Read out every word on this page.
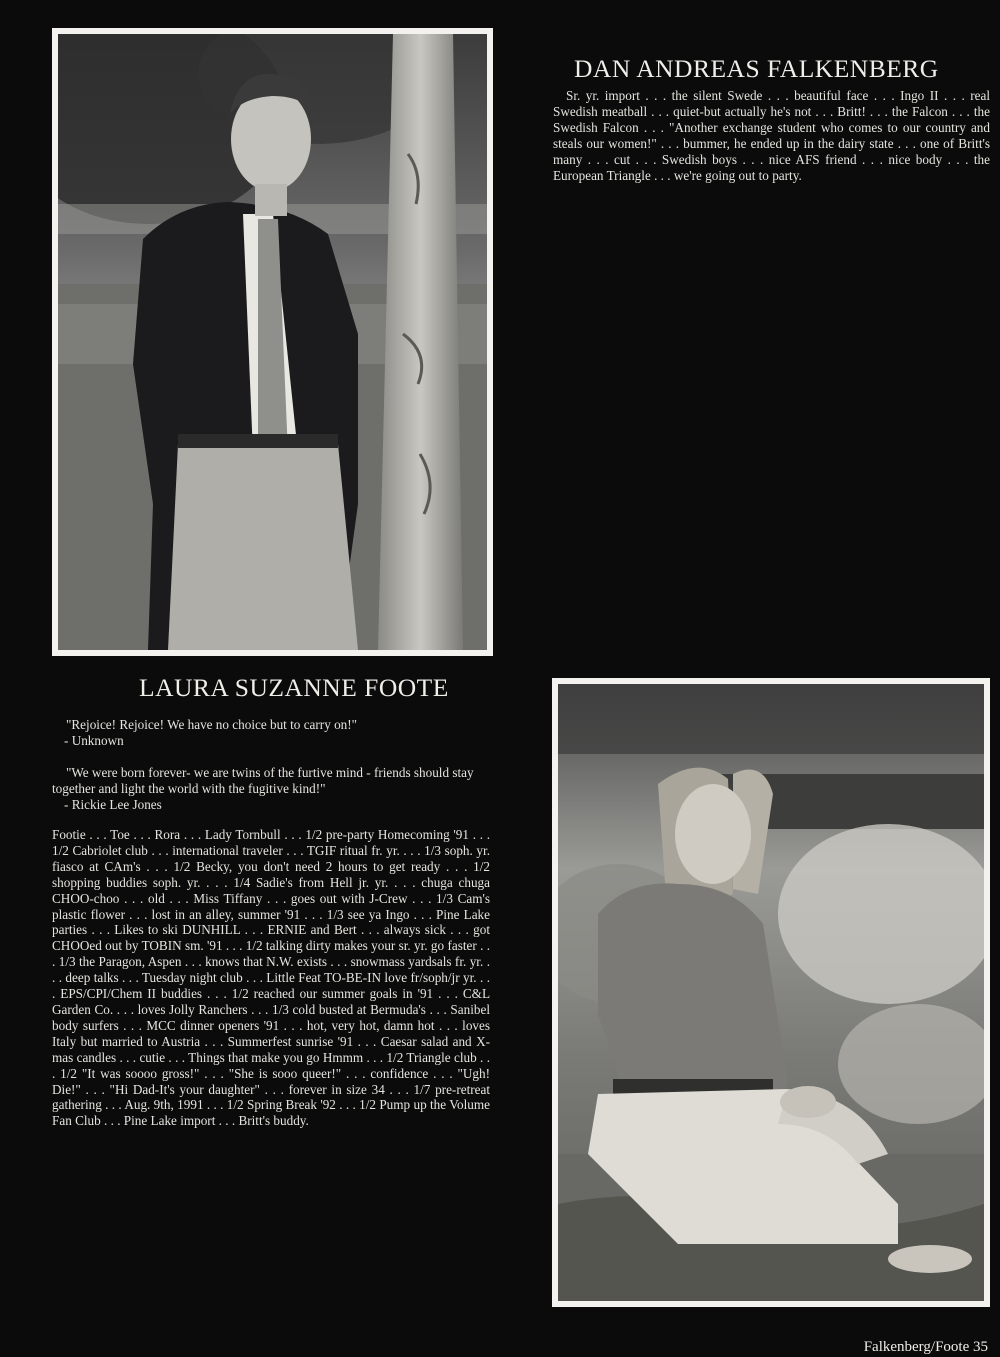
DAN ANDREAS FALKENBERG

Sr. yr. import . . . the silent Swede . . . beautiful face . . . Ingo II . . . real Swedish meatball . . . quiet-but actually he's not . . . Britt! . . . the Falcon . . . the Swedish Falcon . . . "Another exchange student who comes to our country and steals our women!" . . . bummer, he ended up in the dairy state . . . one of Britt's many . . . cut . . . Swedish boys . . . nice AFS friend . . . nice body . . . the European Triangle . . . we're going out to party.

LAURA SUZANNE FOOTE

"Rejoice! Rejoice! We have no choice but to carry on!"

- Unknown

"We were born forever- we are twins of the furtive mind - friends should stay together and light the world with the fugitive kind!"

- Rickie Lee Jones

Footie . . . Toe . . . Rora . . . Lady Tornbull . . . 1/2 pre-party Homecoming '91 . . . 1/2 Cabriolet club . . . international traveler . . . TGIF ritual fr. yr. . . . 1/3 soph. yr. fiasco at CAm's . . . 1/2 Becky, you don't need 2 hours to get ready . . . 1/2 shopping buddies soph. yr. . . . 1/4 Sadie's from Hell jr. yr. . . . chuga chuga CHOO-choo . . . old . . . Miss Tiffany . . . goes out with J-Crew . . . 1/3 Cam's plastic flower . . . lost in an alley, summer '91 . . . 1/3 see ya Ingo . . . Pine Lake parties . . . Likes to ski DUNHILL . . . ERNIE and Bert . . . always sick . . . got CHOOed out by TOBIN sm. '91 . . . 1/2 talking dirty makes your sr. yr. go faster . . . 1/3 the Paragon, Aspen . . . knows that N.W. exists . . . snowmass yardsals fr. yr. . . . deep talks . . . Tuesday night club . . . Little Feat TO-BE-IN love fr/soph/jr yr. . . . EPS/CPI/Chem II buddies . . . 1/2 reached our summer goals in '91 . . . C&L Garden Co. . . . loves Jolly Ranchers . . . 1/3 cold busted at Bermuda's . . . Sanibel body surfers . . . MCC dinner openers '91 . . . hot, very hot, damn hot . . . loves Italy but married to Austria . . . Summerfest sunrise '91 . . . Caesar salad and X-mas candles . . . cutie . . . Things that make you go Hmmm . . . 1/2 Triangle club . . . 1/2 "It was soooo gross!" . . . "She is sooo queer!" . . . confidence . . . "Ugh! Die!" . . . "Hi Dad-It's your daughter" . . . forever in size 34 . . . 1/7 pre-retreat gathering . . . Aug. 9th, 1991 . . . 1/2 Spring Break '92 . . . 1/2 Pump up the Volume Fan Club . . . Pine Lake import . . . Britt's buddy.

Falkenberg/Foote 35
